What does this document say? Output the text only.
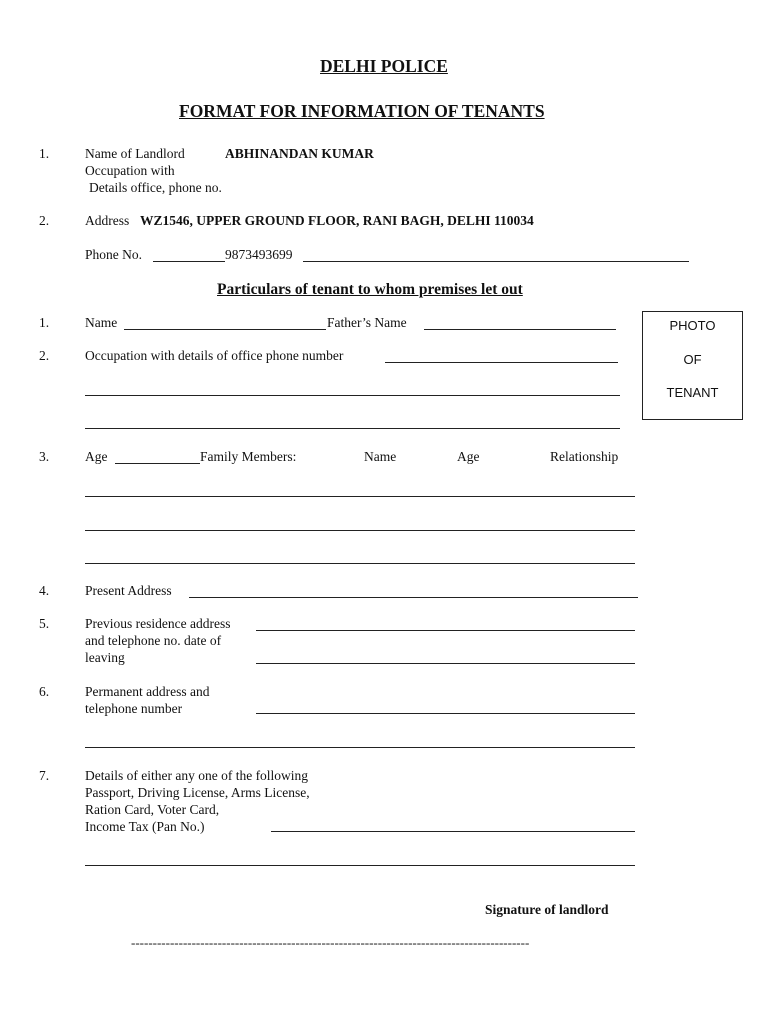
DELHI POLICE
FORMAT FOR INFORMATION OF TENANTS
1.	Name of Landlord	ABHINANDAN KUMAR
Occupation with
Details office, phone no.
2.	Address WZ1546, UPPER GROUND FLOOR, RANI BAGH, DELHI 110034
Phone No.	9873493699
Particulars of tenant to whom premises let out
1.	Name	Father’s Name
2.	Occupation with details of office phone number
PHOTO
OF
TENANT
3.	Age	Family Members:	Name	Age	Relationship
4.	Present Address
5.	Previous residence address
and telephone no. date of
leaving
6.	Permanent address and
telephone number
7.	Details of either any one of the following
Passport, Driving License, Arms License,
Ration Card, Voter Card,
Income Tax (Pan No.)
Signature of landlord
--------------------------------------------------------------------------------------------
